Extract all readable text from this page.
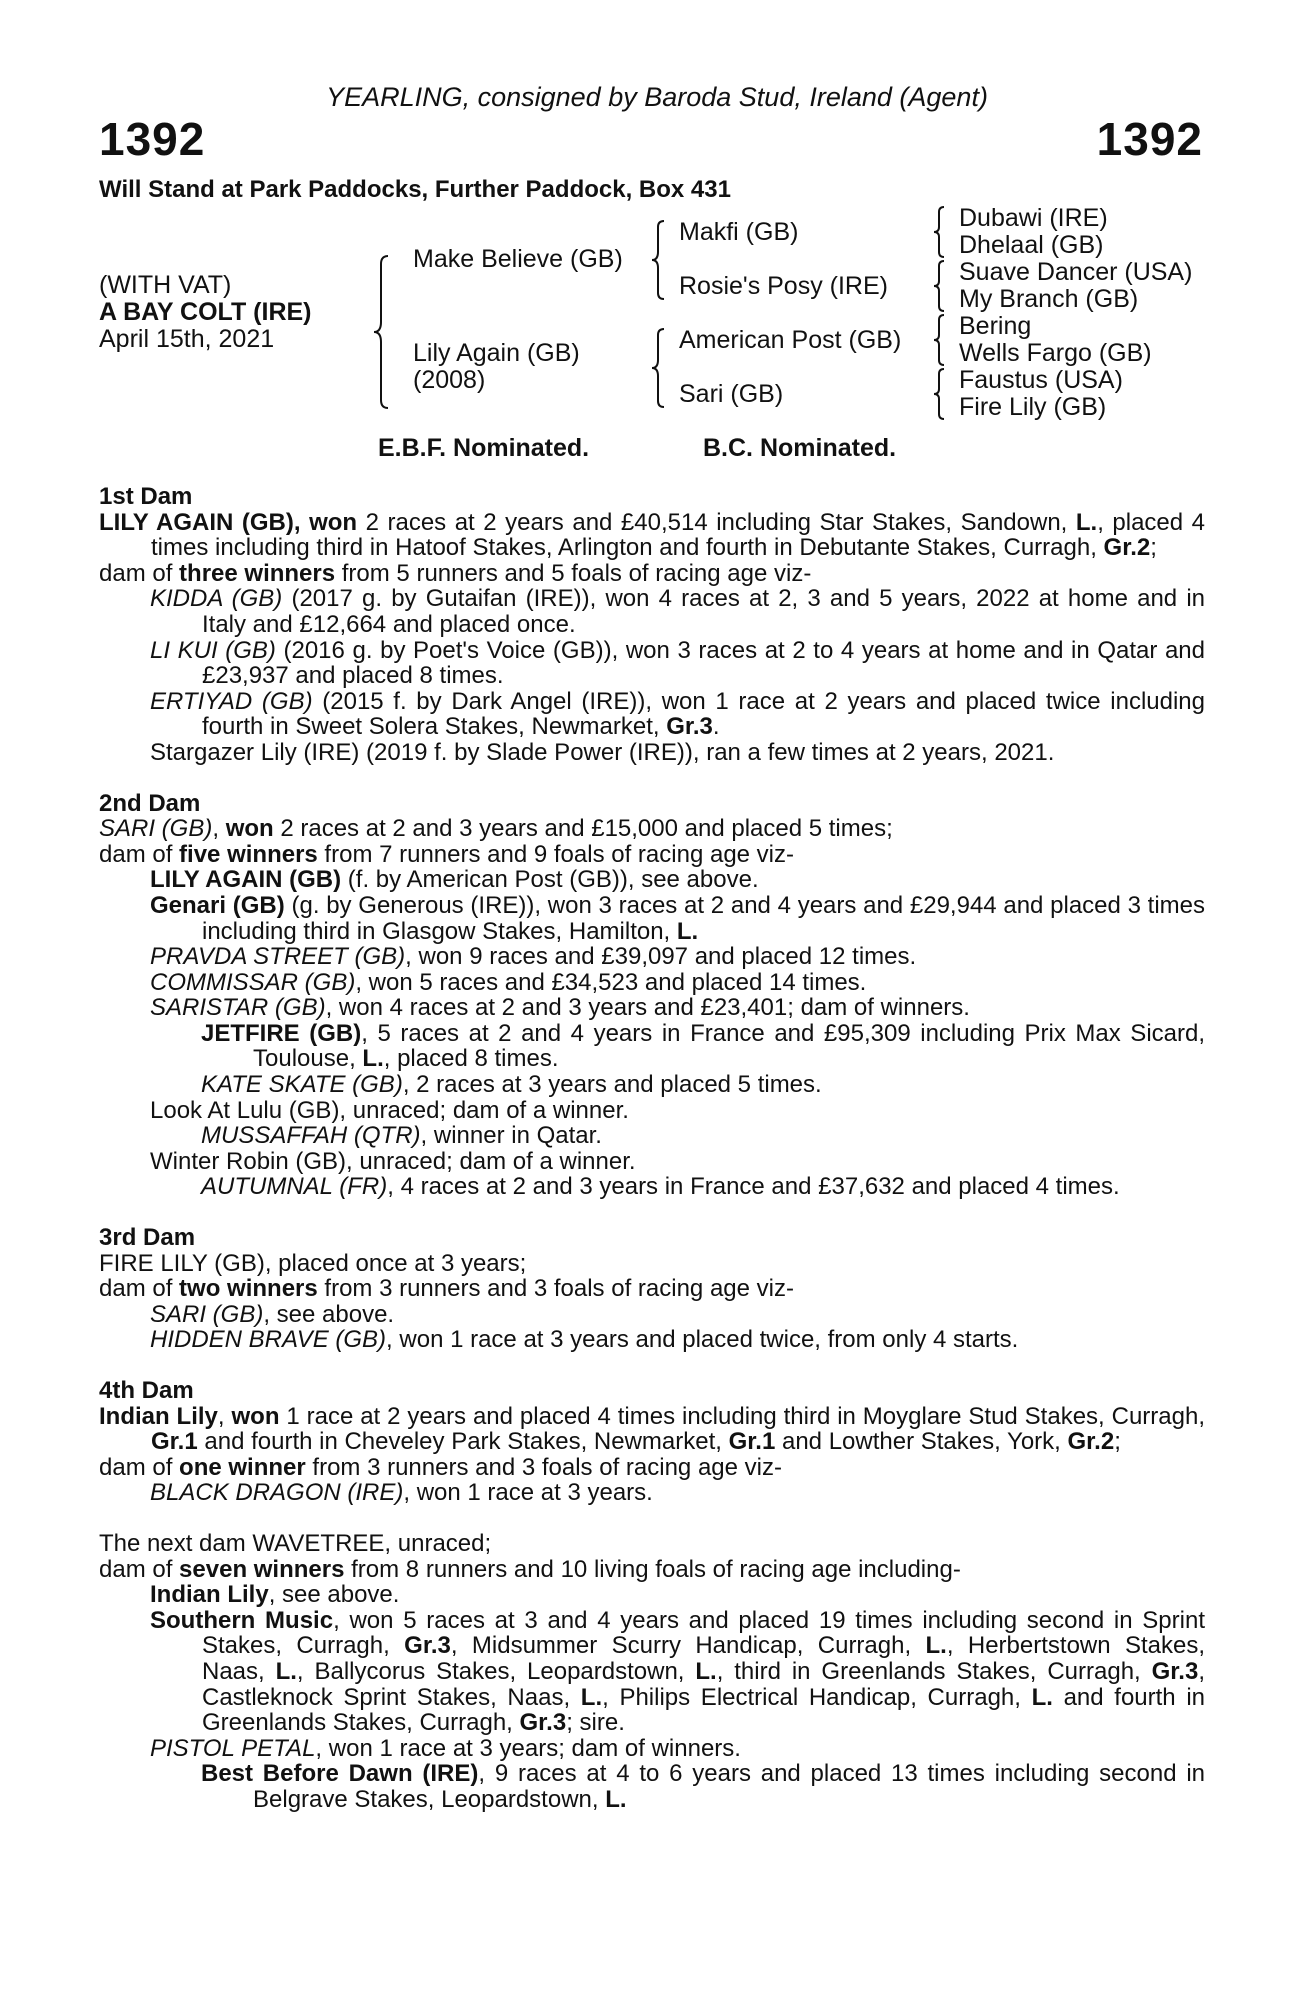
YEARLING, consigned by Baroda Stud, Ireland (Agent)
1392	1392
Will Stand at Park Paddocks, Further Paddock, Box 431
(WITH VAT)
A BAY COLT (IRE)
April 15th, 2021
Make Believe (GB)
Lily Again (GB)
(2008)
Makfi (GB)
Rosie's Posy (IRE)
American Post (GB)
Sari (GB)
Dubawi (IRE)
Dhelaal (GB)
Suave Dancer (USA)
My Branch (GB)
Bering
Wells Fargo (GB)
Faustus (USA)
Fire Lily (GB)
E.B.F. Nominated.	B.C. Nominated.
1st Dam
LILY AGAIN (GB), won 2 races at 2 years and £40,514 including Star Stakes, Sandown, L., placed 4 times including third in Hatoof Stakes, Arlington and fourth in Debutante Stakes, Curragh, Gr.2;
dam of three winners from 5 runners and 5 foals of racing age viz-
KIDDA (GB) (2017 g. by Gutaifan (IRE)), won 4 races at 2, 3 and 5 years, 2022 at home and in Italy and £12,664 and placed once.
LI KUI (GB) (2016 g. by Poet's Voice (GB)), won 3 races at 2 to 4 years at home and in Qatar and £23,937 and placed 8 times.
ERTIYAD (GB) (2015 f. by Dark Angel (IRE)), won 1 race at 2 years and placed twice including fourth in Sweet Solera Stakes, Newmarket, Gr.3.
Stargazer Lily (IRE) (2019 f. by Slade Power (IRE)), ran a few times at 2 years, 2021.
2nd Dam
SARI (GB), won 2 races at 2 and 3 years and £15,000 and placed 5 times;
dam of five winners from 7 runners and 9 foals of racing age viz-
LILY AGAIN (GB) (f. by American Post (GB)), see above.
Genari (GB) (g. by Generous (IRE)), won 3 races at 2 and 4 years and £29,944 and placed 3 times including third in Glasgow Stakes, Hamilton, L.
PRAVDA STREET (GB), won 9 races and £39,097 and placed 12 times.
COMMISSAR (GB), won 5 races and £34,523 and placed 14 times.
SARISTAR (GB), won 4 races at 2 and 3 years and £23,401; dam of winners.
JETFIRE (GB), 5 races at 2 and 4 years in France and £95,309 including Prix Max Sicard, Toulouse, L., placed 8 times.
KATE SKATE (GB), 2 races at 3 years and placed 5 times.
Look At Lulu (GB), unraced; dam of a winner.
MUSSAFFAH (QTR), winner in Qatar.
Winter Robin (GB), unraced; dam of a winner.
AUTUMNAL (FR), 4 races at 2 and 3 years in France and £37,632 and placed 4 times.
3rd Dam
FIRE LILY (GB), placed once at 3 years;
dam of two winners from 3 runners and 3 foals of racing age viz-
SARI (GB), see above.
HIDDEN BRAVE (GB), won 1 race at 3 years and placed twice, from only 4 starts.
4th Dam
Indian Lily, won 1 race at 2 years and placed 4 times including third in Moyglare Stud Stakes, Curragh, Gr.1 and fourth in Cheveley Park Stakes, Newmarket, Gr.1 and Lowther Stakes, York, Gr.2;
dam of one winner from 3 runners and 3 foals of racing age viz-
BLACK DRAGON (IRE), won 1 race at 3 years.
The next dam WAVETREE, unraced;
dam of seven winners from 8 runners and 10 living foals of racing age including-
Indian Lily, see above.
Southern Music, won 5 races at 3 and 4 years and placed 19 times including second in Sprint Stakes, Curragh, Gr.3, Midsummer Scurry Handicap, Curragh, L., Herbertstown Stakes, Naas, L., Ballycorus Stakes, Leopardstown, L., third in Greenlands Stakes, Curragh, Gr.3, Castleknock Sprint Stakes, Naas, L., Philips Electrical Handicap, Curragh, L. and fourth in Greenlands Stakes, Curragh, Gr.3; sire.
PISTOL PETAL, won 1 race at 3 years; dam of winners.
Best Before Dawn (IRE), 9 races at 4 to 6 years and placed 13 times including second in Belgrave Stakes, Leopardstown, L.
